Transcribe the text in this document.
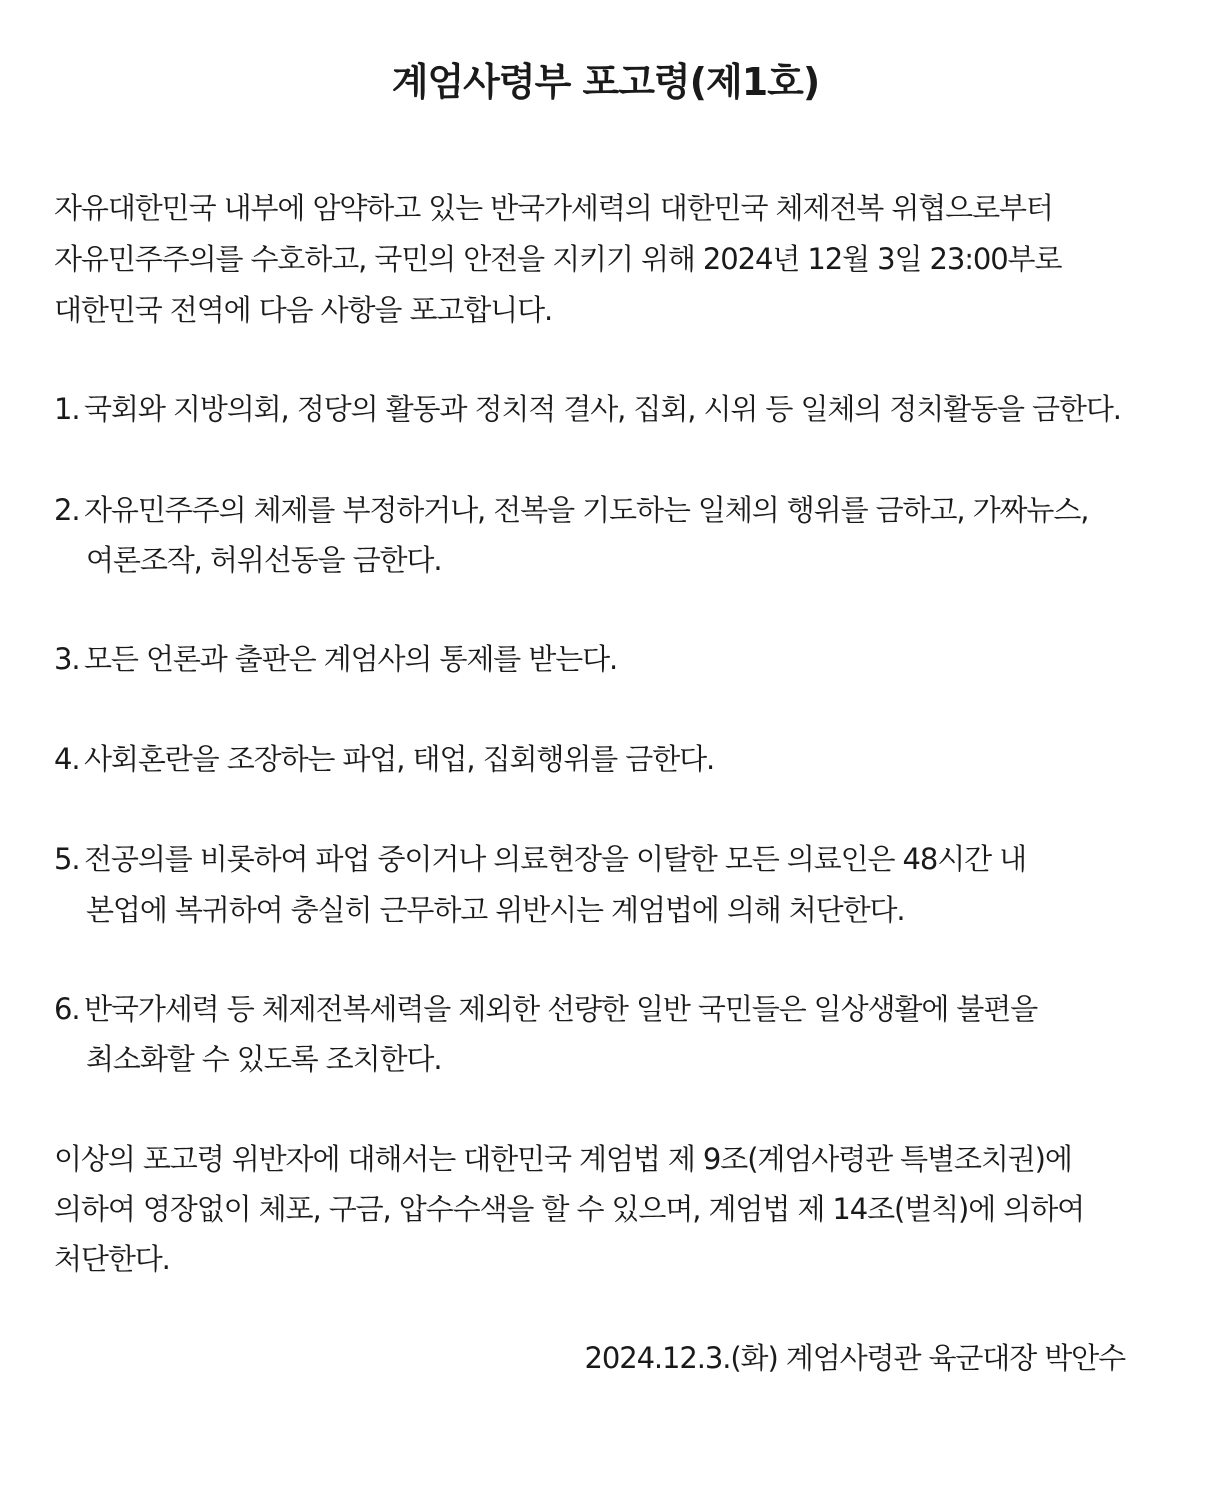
계엄사령부 포고령(제1호)

자유대한민국 내부에 암약하고 있는 반국가세력의 대한민국 체제전복 위협으로부터

자유민주주의를 수호하고, 국민의 안전을 지키기 위해 2024년 12월 3일 23:00부로

대한민국 전역에 다음 사항을 포고합니다.

1. 국회와 지방의회, 정당의 활동과 정치적 결사, 집회, 시위 등 일체의 정치활동을 금한다.

2. 자유민주주의 체제를 부정하거나, 전복을 기도하는 일체의 행위를 금하고, 가짜뉴스,

여론조작, 허위선동을 금한다.

3. 모든 언론과 출판은 계엄사의 통제를 받는다.

4. 사회혼란을 조장하는 파업, 태업, 집회행위를 금한다.

5. 전공의를 비롯하여 파업 중이거나 의료현장을 이탈한 모든 의료인은 48시간 내

본업에 복귀하여 충실히 근무하고 위반시는 계엄법에 의해 처단한다.

6. 반국가세력 등 체제전복세력을 제외한 선량한 일반 국민들은 일상생활에 불편을

최소화할 수 있도록 조치한다.

이상의 포고령 위반자에 대해서는 대한민국 계엄법 제 9조(계엄사령관 특별조치권)에

의하여 영장없이 체포, 구금, 압수수색을 할 수 있으며, 계엄법 제 14조(벌칙)에 의하여

처단한다.

2024.12.3.(화) 계엄사령관 육군대장 박안수
